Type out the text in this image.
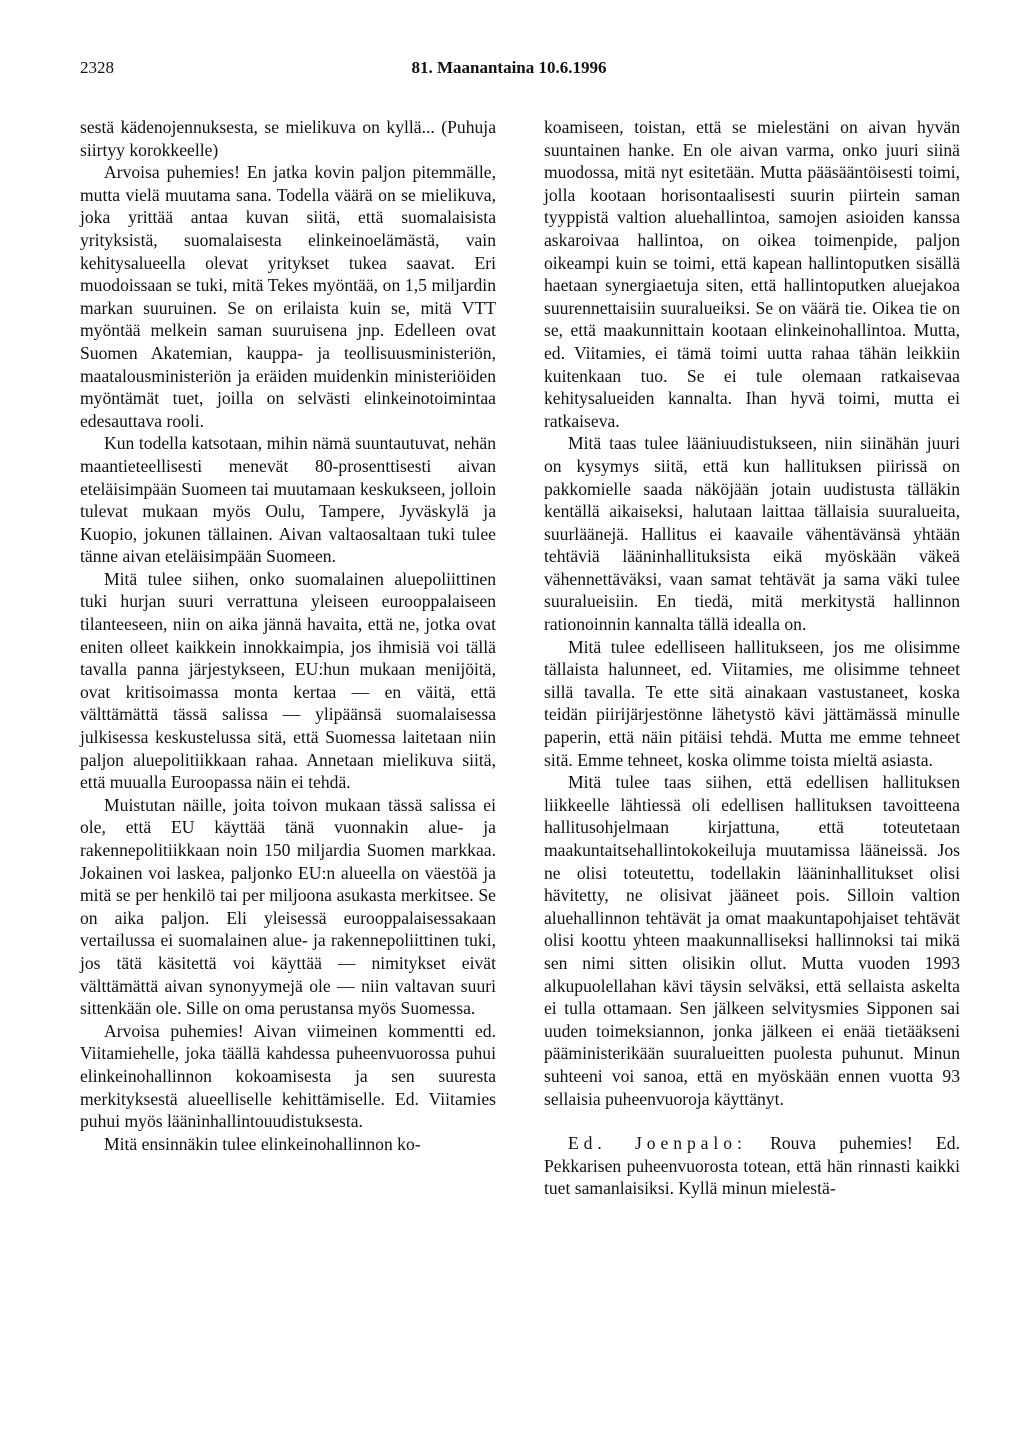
2328	81. Maanantaina 10.6.1996

sestä kädenojennuksesta, se mielikuva on kyllä... (Puhuja siirtyy korokkeelle)

Arvoisa puhemies! En jatka kovin paljon pitemmälle, mutta vielä muutama sana. Todella väärä on se mielikuva, joka yrittää antaa kuvan siitä, että suomalaisista yrityksistä, suomalaisesta elinkeinoelämästä, vain kehitysalueella olevat yritykset tukea saavat. Eri muodoissaan se tuki, mitä Tekes myöntää, on 1,5 miljardin markan suuruinen. Se on erilaista kuin se, mitä VTT myöntää melkein saman suuruisena jnp. Edelleen ovat Suomen Akatemian, kauppa- ja teollisuusministeriön, maatalousministeriön ja eräiden muidenkin ministeriöiden myöntämät tuet, joilla on selvästi elinkeinotoimintaa edesauttava rooli.

Kun todella katsotaan, mihin nämä suuntautuvat, nehän maantieteellisesti menevät 80-prosenttisesti aivan eteläisimpään Suomeen tai muutamaan keskukseen, jolloin tulevat mukaan myös Oulu, Tampere, Jyväskylä ja Kuopio, jokunen tällainen. Aivan valtaosaltaan tuki tulee tänne aivan eteläisimpään Suomeen.

Mitä tulee siihen, onko suomalainen aluepoliittinen tuki hurjan suuri verrattuna yleiseen eurooppalaiseen tilanteeseen, niin on aika jännä havaita, että ne, jotka ovat eniten olleet kaikkein innokkaimpia, jos ihmisiä voi tällä tavalla panna järjestykseen, EU:hun mukaan menijöitä, ovat kritisoimassa monta kertaa — en väitä, että välttämättä tässä salissa — ylipäänsä suomalaisessa julkisessa keskustelussa sitä, että Suomessa laitetaan niin paljon aluepolitiikkaan rahaa. Annetaan mielikuva siitä, että muualla Euroopassa näin ei tehdä.

Muistutan näille, joita toivon mukaan tässä salissa ei ole, että EU käyttää tänä vuonnakin alue- ja rakennepolitiikkaan noin 150 miljardia Suomen markkaa. Jokainen voi laskea, paljonko EU:n alueella on väestöä ja mitä se per henkilö tai per miljoona asukasta merkitsee. Se on aika paljon. Eli yleisessä eurooppalaisessakaan vertailussa ei suomalainen alue- ja rakennepoliittinen tuki, jos tätä käsitettä voi käyttää — nimitykset eivät välttämättä aivan synonyymejä ole — niin valtavan suuri sittenkään ole. Sille on oma perustansa myös Suomessa.

Arvoisa puhemies! Aivan viimeinen kommentti ed. Viitamiehelle, joka täällä kahdessa puheenvuorossa puhui elinkeinohallinnon kokoamisesta ja sen suuresta merkityksestä alueelliselle kehittämiselle. Ed. Viitamies puhui myös lääninhallintouudistuksesta.

Mitä ensinnäkin tulee elinkeinohallinnon ko-

koamiseen, toistan, että se mielestäni on aivan hyvän suuntainen hanke. En ole aivan varma, onko juuri siinä muodossa, mitä nyt esitetään. Mutta pääsääntöisesti toimi, jolla kootaan horisontaalisesti suurin piirtein saman tyyppistä valtion aluehallintoa, samojen asioiden kanssa askaroivaa hallintoa, on oikea toimenpide, paljon oikeampi kuin se toimi, että kapean hallintoputken sisällä haetaan synergiaetuja siten, että hallintoputken aluejakoa suurennettaisiin suuralueiksi. Se on väärä tie. Oikea tie on se, että maakunnittain kootaan elinkeinohallintoa. Mutta, ed. Viitamies, ei tämä toimi uutta rahaa tähän leikkiin kuitenkaan tuo. Se ei tule olemaan ratkaisevaa kehitysalueiden kannalta. Ihan hyvä toimi, mutta ei ratkaiseva.

Mitä taas tulee lääniuudistukseen, niin siinähän juuri on kysymys siitä, että kun hallituksen piirissä on pakkomielle saada näköjään jotain uudistusta tälläkin kentällä aikaiseksi, halutaan laittaa tällaisia suuralueita, suurläänejä. Hallitus ei kaavaile vähentävänsä yhtään tehtäviä lääninhallituksista eikä myöskään väkeä vähennettäväksi, vaan samat tehtävät ja sama väki tulee suuralueisiin. En tiedä, mitä merkitystä hallinnon rationoinnin kannalta tällä idealla on.

Mitä tulee edelliseen hallitukseen, jos me olisimme tällaista halunneet, ed. Viitamies, me olisimme tehneet sillä tavalla. Te ette sitä ainakaan vastustaneet, koska teidän piirijärjestönne lähetystö kävi jättämässä minulle paperin, että näin pitäisi tehdä. Mutta me emme tehneet sitä. Emme tehneet, koska olimme toista mieltä asiasta.

Mitä tulee taas siihen, että edellisen hallituksen liikkeelle lähtiessä oli edellisen hallituksen tavoitteena hallitusohjelmaan kirjattuna, että toteutetaan maakuntaitsehallintokokeiluja muutamissa lääneissä. Jos ne olisi toteutettu, todellakin lääninhallitukset olisi hävitetty, ne olisivat jääneet pois. Silloin valtion aluehallinnon tehtävät ja omat maakuntapohjaiset tehtävät olisi koottu yhteen maakunnalliseksi hallinnoksi tai mikä sen nimi sitten olisikin ollut. Mutta vuoden 1993 alkupuolellahan kävi täysin selväksi, että sellaista askelta ei tulla ottamaan. Sen jälkeen selvitysmies Sipponen sai uuden toimeksiannon, jonka jälkeen ei enää tietääkseni pääministerikään suuralueitten puolesta puhunut. Minun suhteeni voi sanoa, että en myöskään ennen vuotta 93 sellaisia puheenvuoroja käyttänyt.

Ed. Joenpalo: Rouva puhemies! Ed. Pekkarisen puheenvuorosta totean, että hän rinnasti kaikki tuet samanlaisiksi. Kyllä minun mielestä-
